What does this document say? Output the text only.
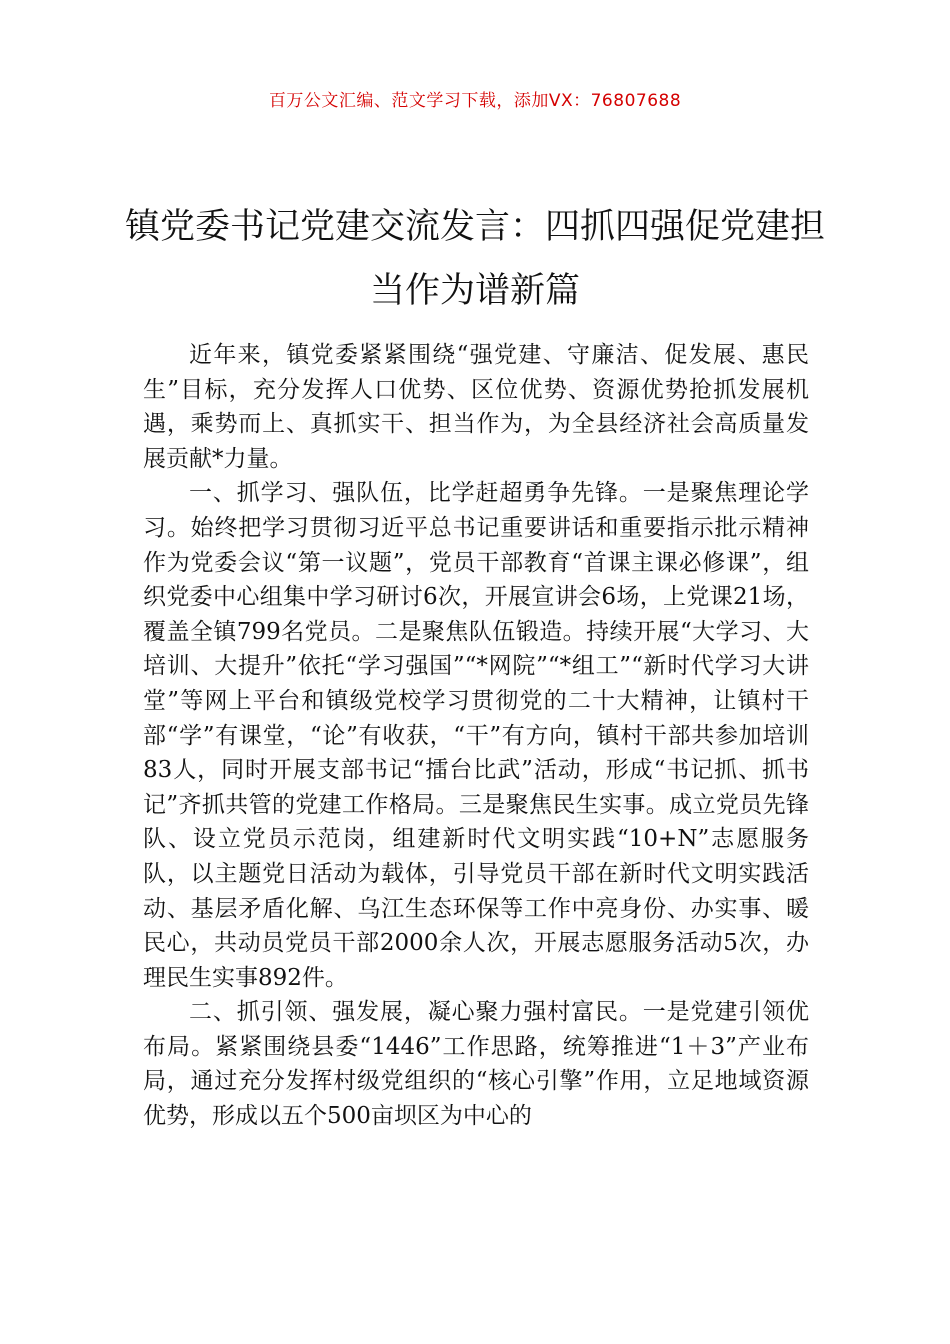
百万公文汇编、范文学习下载，添加VX：76807688
镇党委书记党建交流发言：四抓四强促党建担当作为谱新篇

近年来，镇党委紧紧围绕“强党建、守廉洁、促发展、惠民生”目标，充分发挥人口优势、区位优势、资源优势抢抓发展机遇，乘势而上、真抓实干、担当作为，为全县经济社会高质量发展贡献*力量。

一、抓学习、强队伍，比学赶超勇争先锋。一是聚焦理论学习。始终把学习贯彻习近平总书记重要讲话和重要指示批示精神作为党委会议“第一议题”，党员干部教育“首课主课必修课”，组织党委中心组集中学习研讨6次，开展宣讲会6场，上党课21场，覆盖全镇799名党员。二是聚焦队伍锻造。持续开展“大学习、大培训、大提升”依托“学习强国”“*网院”“*组工”“新时代学习大讲堂”等网上平台和镇级党校学习贯彻党的二十大精神，让镇村干部“学”有课堂，“论”有收获，“干”有方向，镇村干部共参加培训83人，同时开展支部书记“擂台比武”活动，形成“书记抓、抓书记”齐抓共管的党建工作格局。三是聚焦民生实事。成立党员先锋队、设立党员示范岗，组建新时代文明实践“10+N”志愿服务队，以主题党日活动为载体，引导党员干部在新时代文明实践活动、基层矛盾化解、乌江生态环保等工作中亮身份、办实事、暖民心，共动员党员干部2000余人次，开展志愿服务活动5次，办理民生实事892件。

二、抓引领、强发展，凝心聚力强村富民。一是党建引领优布局。紧紧围绕县委“1446”工作思路，统筹推进“1＋3”产业布局，通过充分发挥村级党组织的“核心引擎”作用，立足地域资源优势，形成以五个500亩坝区为中心的
